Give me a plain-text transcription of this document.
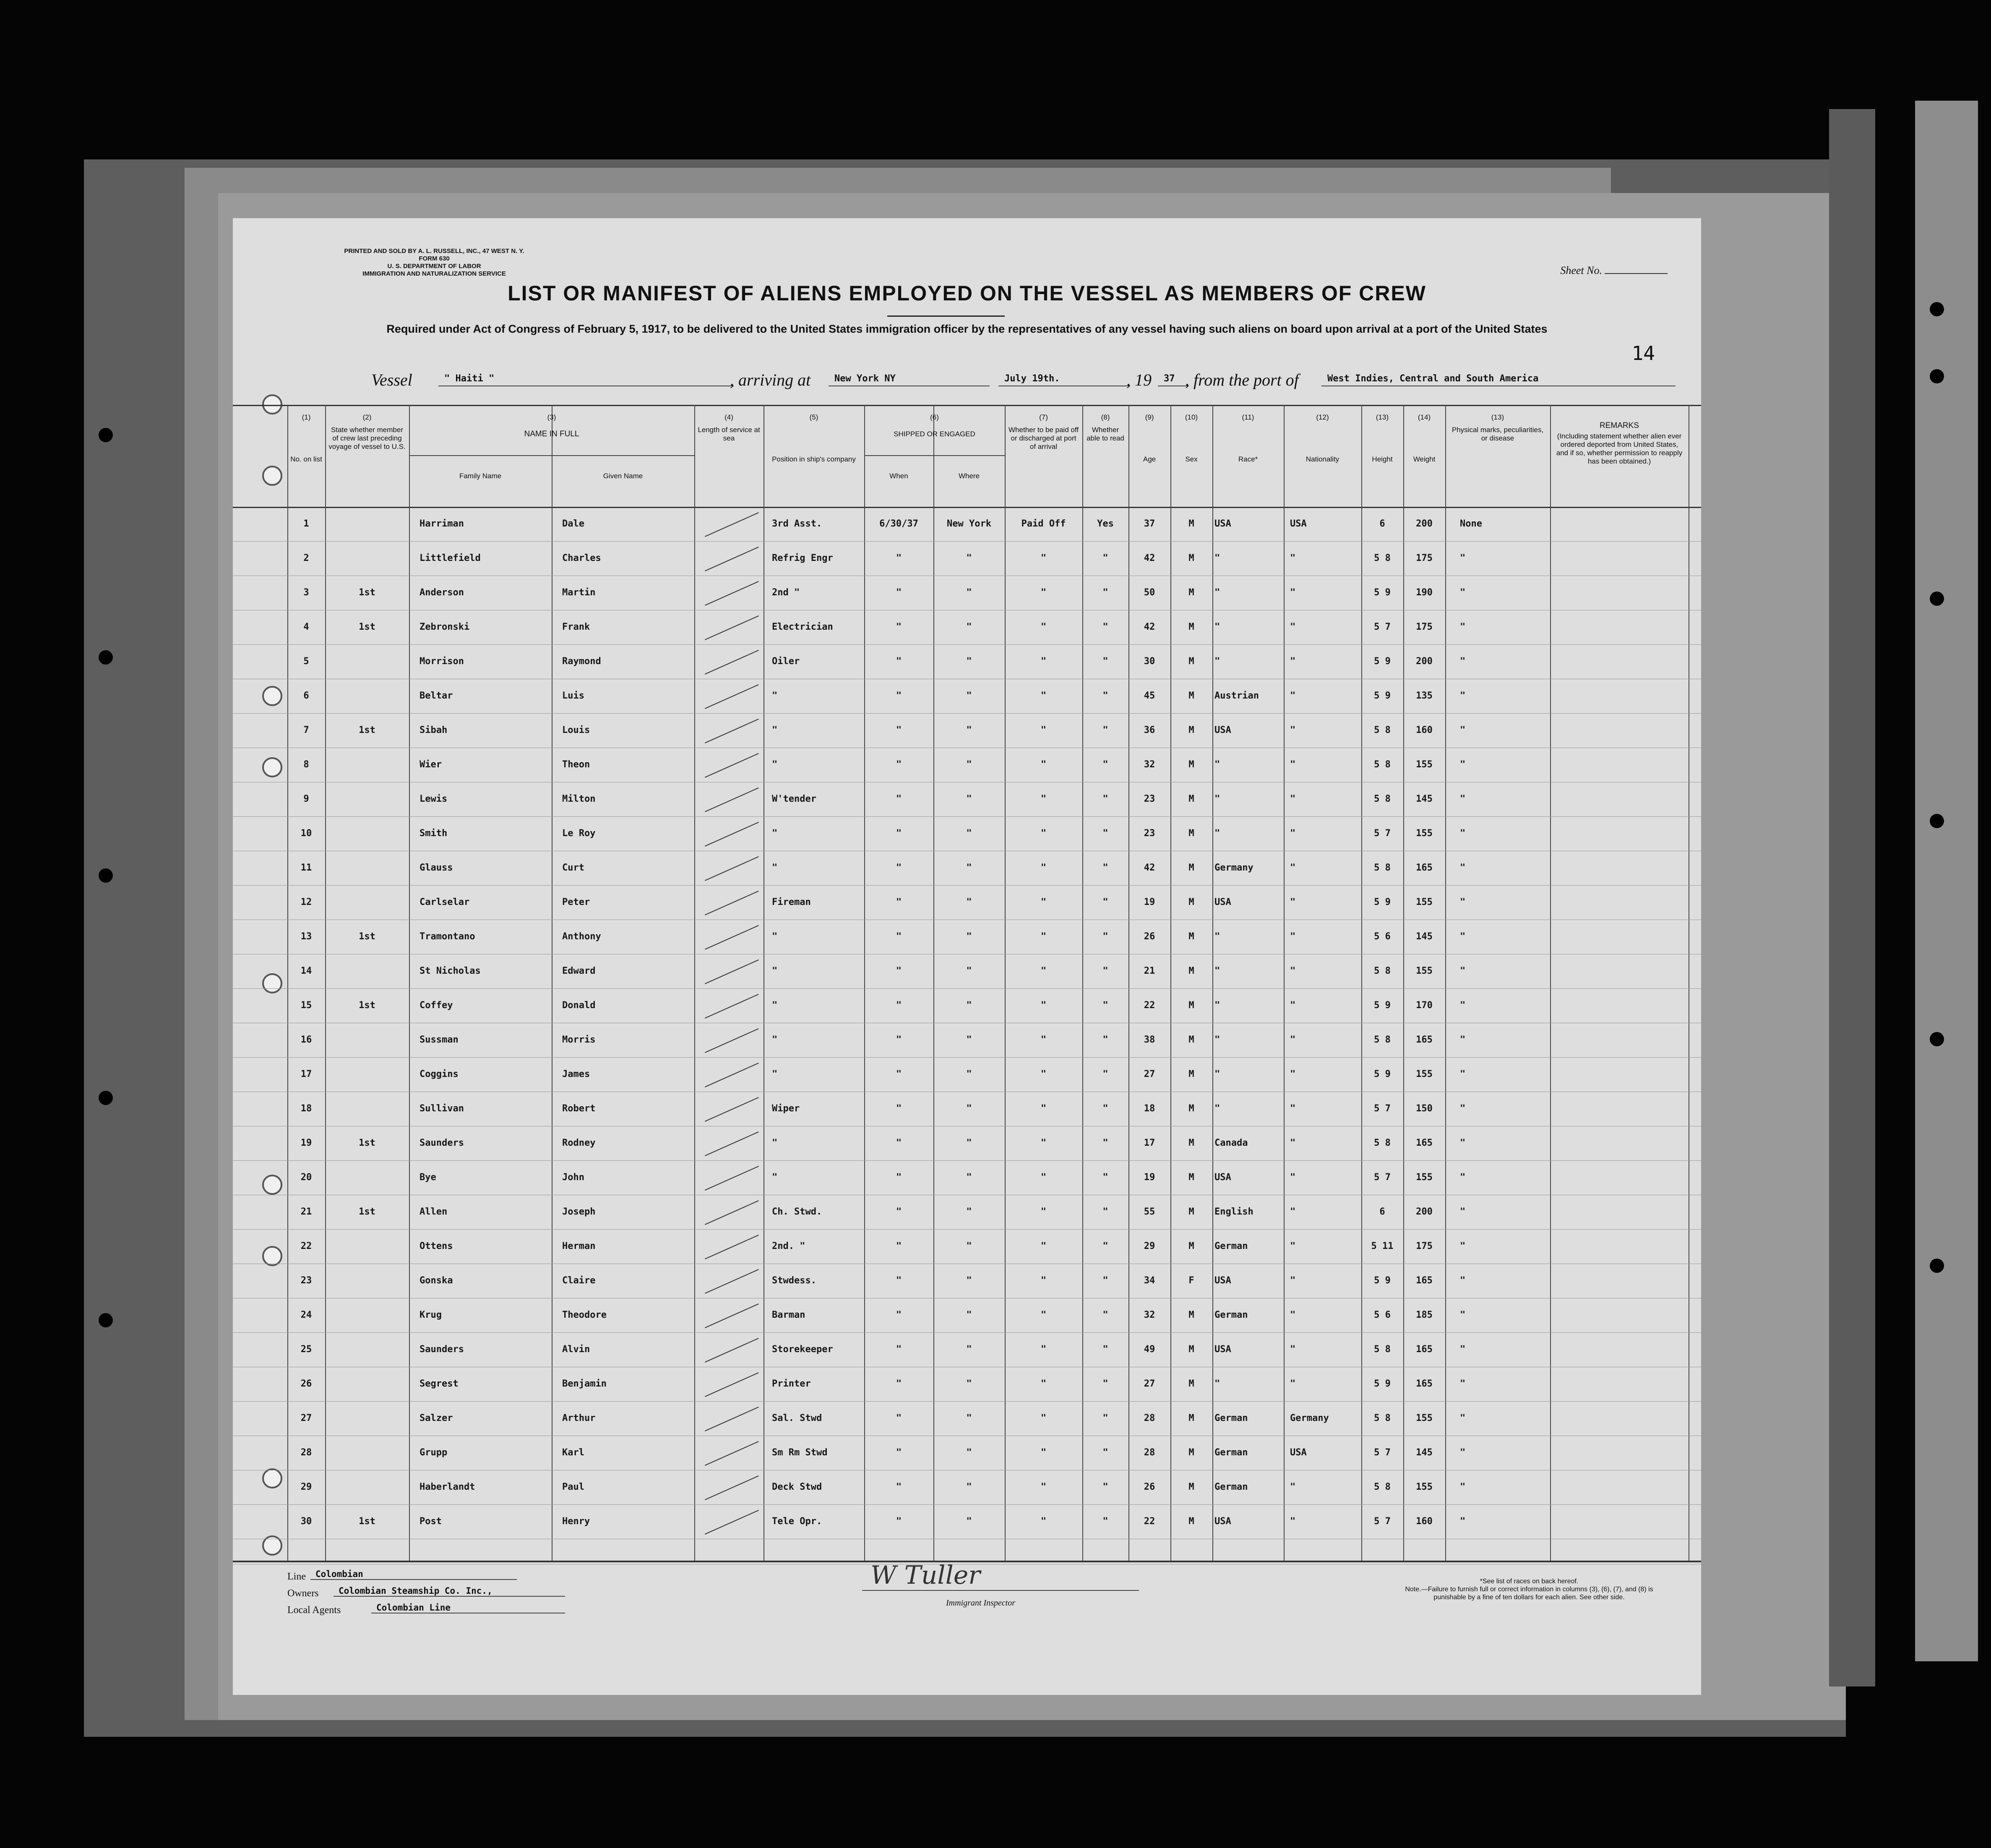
PRINTED AND SOLD BY A. L. RUSSELL, INC., 47 WEST N. Y.
FORM 630
U. S. DEPARTMENT OF LABOR
IMMIGRATION AND NATURALIZATION SERVICE	Sheet No.
LIST OR MANIFEST OF ALIENS EMPLOYED ON THE VESSEL AS MEMBERS OF CREW
Required under Act of Congress of February 5, 1917, to be delivered to the United States immigration officer by the representatives of any vessel having such aliens on board upon arrival at a port of the United States
14
Vessel	" Haiti "	, arriving at	New York NY	July 19th.	, 19	37 , from the port of	West Indies, Central and South America
Line	Colombian
Owners	Colombian Steamship Co. Inc.,
Local Agents	Colombian Line
W Tuller
Immigrant Inspector
*See list of races on back hereof.
Note.—Failure to furnish full or correct information in columns (3), (6), (7), and (8) is punishable by a fine of ten dollars for each alien. See other side.
(1)
No. on list
(2)
State whether member of crew last preceding voyage of vessel to U.S.
(4)
Length of service at sea
(5)
Position in ship's company
(7)
Whether to be paid off or discharged at port of arrival
(8)
Whether able to read
(9)
Age
(10)
Sex
(11)
Race*
(12)
Nationality
(13)
Height
(14)
Weight
(13)
Physical marks, peculiarities, or disease
(3)
NAME IN FULL
Family Name	Given Name
(6)
SHIPPED OR ENGAGED
When	Where
REMARKS
(Including statement whether alien ever ordered deported from United States, and if so, whether permission to reapply has been obtained.)
1	Harriman	Dale	3rd Asst.	6/30/37	New York	Paid Off	Yes	37	M	USA	USA	6	200	None
2	Littlefield	Charles	Refrig Engr	"	"	"	"	42	M	"	"	5 8	175	"
3	1st	Anderson	Martin	2nd "	"	"	"	"	50	M	"	"	5 9	190	"
4	1st	Zebronski	Frank	Electrician	"	"	"	"	42	M	"	"	5 7	175	"
5	Morrison	Raymond	Oiler	"	"	"	"	30	M	"	"	5 9	200	"
6	Beltar	Luis	"	"	"	"	"	45	M	Austrian	"	5 9	135	"
7	1st	Sibah	Louis	"	"	"	"	"	36	M	USA	"	5 8	160	"
8	Wier	Theon	"	"	"	"	"	32	M	"	"	5 8	155	"
9	Lewis	Milton	W'tender	"	"	"	"	23	M	"	"	5 8	145	"
10	Smith	Le Roy	"	"	"	"	"	23	M	"	"	5 7	155	"
11	Glauss	Curt	"	"	"	"	"	42	M	Germany	"	5 8	165	"
12	Carlselar	Peter	Fireman	"	"	"	"	19	M	USA	"	5 9	155	"
13	1st	Tramontano	Anthony	"	"	"	"	"	26	M	"	"	5 6	145	"
14	St Nicholas	Edward	"	"	"	"	"	21	M	"	"	5 8	155	"
15	1st	Coffey	Donald	"	"	"	"	"	22	M	"	"	5 9	170	"
16	Sussman	Morris	"	"	"	"	"	38	M	"	"	5 8	165	"
17	Coggins	James	"	"	"	"	"	27	M	"	"	5 9	155	"
18	Sullivan	Robert	Wiper	"	"	"	"	18	M	"	"	5 7	150	"
19	1st	Saunders	Rodney	"	"	"	"	"	17	M	Canada	"	5 8	165	"
20	Bye	John	"	"	"	"	"	19	M	USA	"	5 7	155	"
21	1st	Allen	Joseph	Ch. Stwd.	"	"	"	"	55	M	English	"	6	200	"
22	Ottens	Herman	2nd. "	"	"	"	"	29	M	German	"	5 11	175	"
23	Gonska	Claire	Stwdess.	"	"	"	"	34	F	USA	"	5 9	165	"
24	Krug	Theodore	Barman	"	"	"	"	32	M	German	"	5 6	185	"
25	Saunders	Alvin	Storekeeper	"	"	"	"	49	M	USA	"	5 8	165	"
26	Segrest	Benjamin	Printer	"	"	"	"	27	M	"	"	5 9	165	"
27	Salzer	Arthur	Sal. Stwd	"	"	"	"	28	M	German	Germany	5 8	155	"
28	Grupp	Karl	Sm Rm Stwd	"	"	"	"	28	M	German	USA	5 7	145	"
29	Haberlandt	Paul	Deck Stwd	"	"	"	"	26	M	German	"	5 8	155	"
30	1st	Post	Henry	Tele Opr.	"	"	"	"	22	M	USA	"	5 7	160	"
